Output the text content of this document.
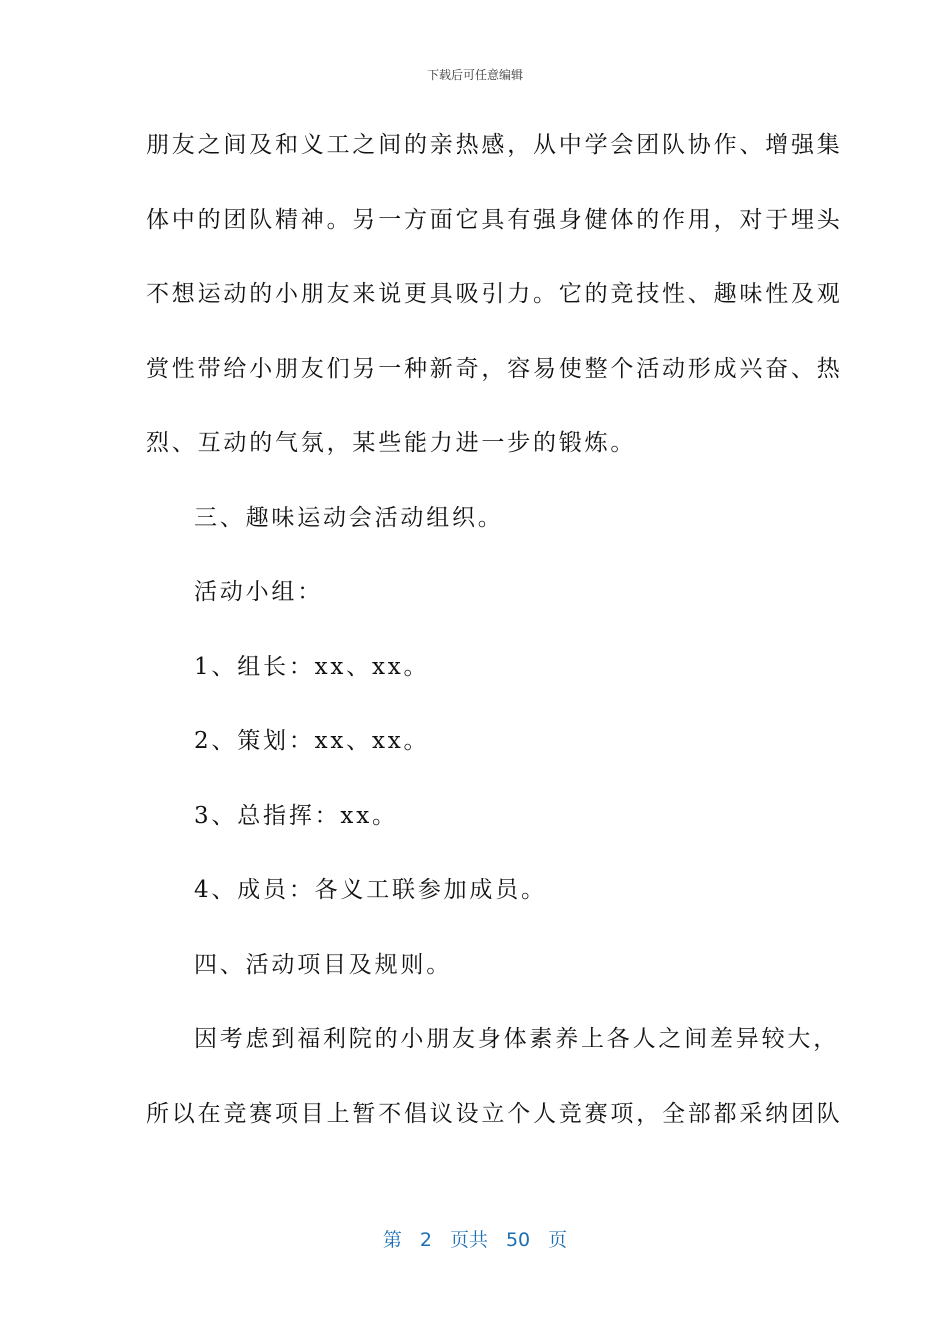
下载后可任意编辑
朋友之间及和义工之间的亲热感，从中学会团队协作、增强集
体中的团队精神。另一方面它具有强身健体的作用，对于埋头
不想运动的小朋友来说更具吸引力。它的竞技性、趣味性及观
赏性带给小朋友们另一种新奇，容易使整个活动形成兴奋、热
烈、互动的气氛，某些能力进一步的锻炼。
三、趣味运动会活动组织。
活动小组：
1、组长：xx、xx。
2、策划：xx、xx。
3、总指挥：xx。
4、成员：各义工联参加成员。
四、活动项目及规则。
因考虑到福利院的小朋友身体素养上各人之间差异较大，
所以在竞赛项目上暂不倡议设立个人竞赛项，全部都采纳团队
第 2 页共 50 页
